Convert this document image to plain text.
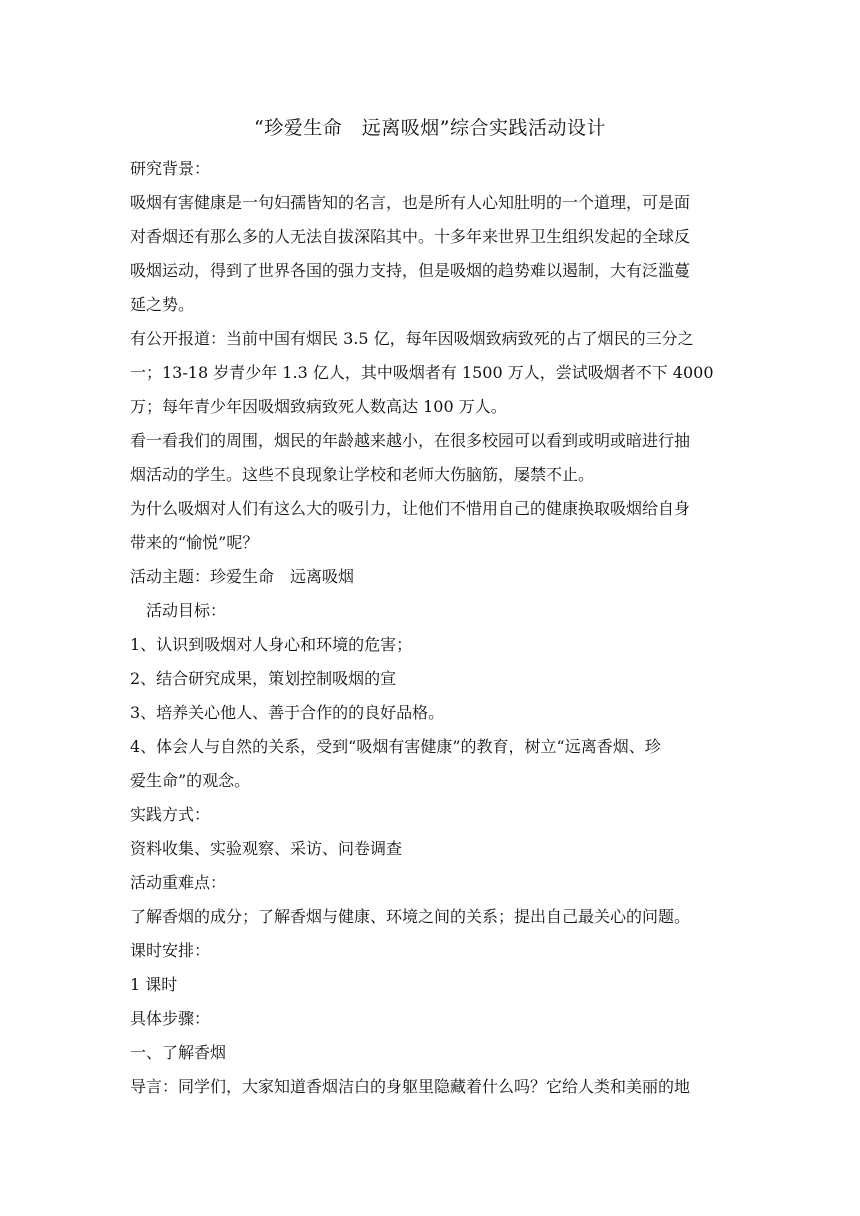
“珍爱生命　远离吸烟”综合实践活动设计

研究背景：

吸烟有害健康是一句妇孺皆知的名言，也是所有人心知肚明的一个道理，可是面

对香烟还有那么多的人无法自拔深陷其中。十多年来世界卫生组织发起的全球反

吸烟运动，得到了世界各国的强力支持，但是吸烟的趋势难以遏制，大有泛滥蔓

延之势。

有公开报道：当前中国有烟民 3.5 亿，每年因吸烟致病致死的占了烟民的三分之

一；13-18 岁青少年 1.3 亿人，其中吸烟者有 1500 万人，尝试吸烟者不下 4000

万；每年青少年因吸烟致病致死人数高达 100 万人。

看一看我们的周围，烟民的年龄越来越小，在很多校园可以看到或明或暗进行抽

烟活动的学生。这些不良现象让学校和老师大伤脑筋，屡禁不止。

为什么吸烟对人们有这么大的吸引力，让他们不惜用自己的健康换取吸烟给自身

带来的“愉悦”呢？

活动主题：珍爱生命　远离吸烟

活动目标：

1、认识到吸烟对人身心和环境的危害；

2、结合研究成果，策划控制吸烟的宣

3、培养关心他人、善于合作的的良好品格。

4、体会人与自然的关系，受到“吸烟有害健康”的教育，树立“远离香烟、珍

爱生命”的观念。

实践方式：

资料收集、实验观察、采访、问卷调查

活动重难点：

了解香烟的成分；了解香烟与健康、环境之间的关系；提出自己最关心的问题。

课时安排：

1 课时

具体步骤：

一、了解香烟

导言：同学们，大家知道香烟洁白的身躯里隐藏着什么吗？它给人类和美丽的地
